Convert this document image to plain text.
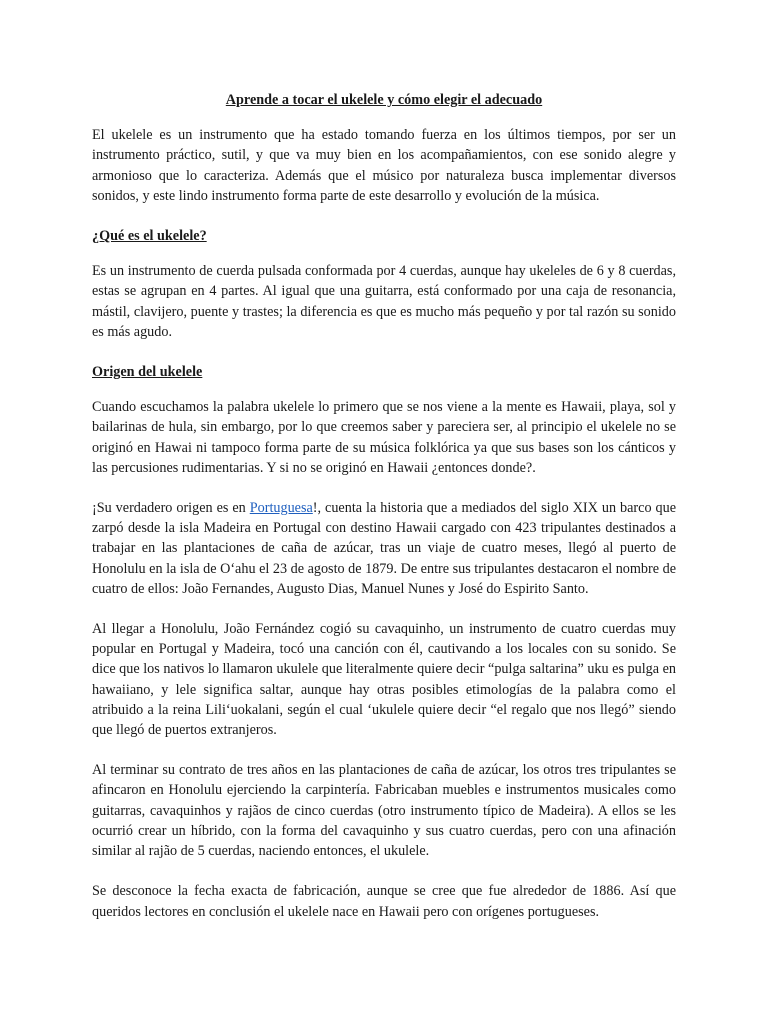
Aprende a tocar el ukelele y cómo elegir el adecuado

El ukelele es un instrumento que ha estado tomando fuerza en los últimos tiempos, por ser un instrumento práctico, sutil, y que va muy bien en los acompañamientos, con ese sonido alegre y armonioso que lo caracteriza. Además que el músico por naturaleza busca implementar diversos sonidos, y este lindo instrumento forma parte de este desarrollo y evolución de la música.

¿Qué es el ukelele?

Es un instrumento de cuerda pulsada conformada por 4 cuerdas, aunque hay ukeleles de 6 y 8 cuerdas, estas se agrupan en 4 partes. Al igual que una guitarra, está conformado por una caja de resonancia, mástil, clavijero, puente y trastes; la diferencia es que es mucho más pequeño y por tal razón su sonido es más agudo.

Origen del ukelele

Cuando escuchamos la palabra ukelele lo primero que se nos viene a la mente es Hawaii, playa, sol y bailarinas de hula, sin embargo, por lo que creemos saber y pareciera ser, al principio el ukelele no se originó en Hawai ni tampoco forma parte de su música folklórica ya que sus bases son los cánticos y las percusiones rudimentarias. Y si no se originó en Hawaii ¿entonces donde?.

¡Su verdadero origen es en Portuguesa!, cuenta la historia que a mediados del siglo XIX un barco que zarpó desde la isla Madeira en Portugal con destino Hawaii cargado con 423 tripulantes destinados a trabajar en las plantaciones de caña de azúcar, tras un viaje de cuatro meses, llegó al puerto de Honolulu en la isla de O‘ahu el 23 de agosto de 1879. De entre sus tripulantes destacaron el nombre de cuatro de ellos: João Fernandes, Augusto Dias, Manuel Nunes y José do Espirito Santo.

Al llegar a Honolulu, João Fernández cogió su cavaquinho, un instrumento de cuatro cuerdas muy popular en Portugal y Madeira, tocó una canción con él, cautivando a los locales con su sonido. Se dice que los nativos lo llamaron ukulele que literalmente quiere decir “pulga saltarina” uku es pulga en hawaiiano, y lele significa saltar, aunque hay otras posibles etimologías de la palabra como el atribuido a la reina Lili‘uokalani, según el cual ‘ukulele quiere decir “el regalo que nos llegó” siendo que llegó de puertos extranjeros.

Al terminar su contrato de tres años en las plantaciones de caña de azúcar, los otros tres tripulantes se afincaron en Honolulu ejerciendo la carpintería. Fabricaban muebles e instrumentos musicales como guitarras, cavaquinhos y rajãos de cinco cuerdas (otro instrumento típico de Madeira). A ellos se les ocurrió crear un híbrido, con la forma del cavaquinho y sus cuatro cuerdas, pero con una afinación similar al rajão de 5 cuerdas, naciendo entonces, el ukulele.

Se desconoce la fecha exacta de fabricación, aunque se cree que fue alrededor de 1886. Así que queridos lectores en conclusión el ukelele nace en Hawaii pero con orígenes portugueses.
